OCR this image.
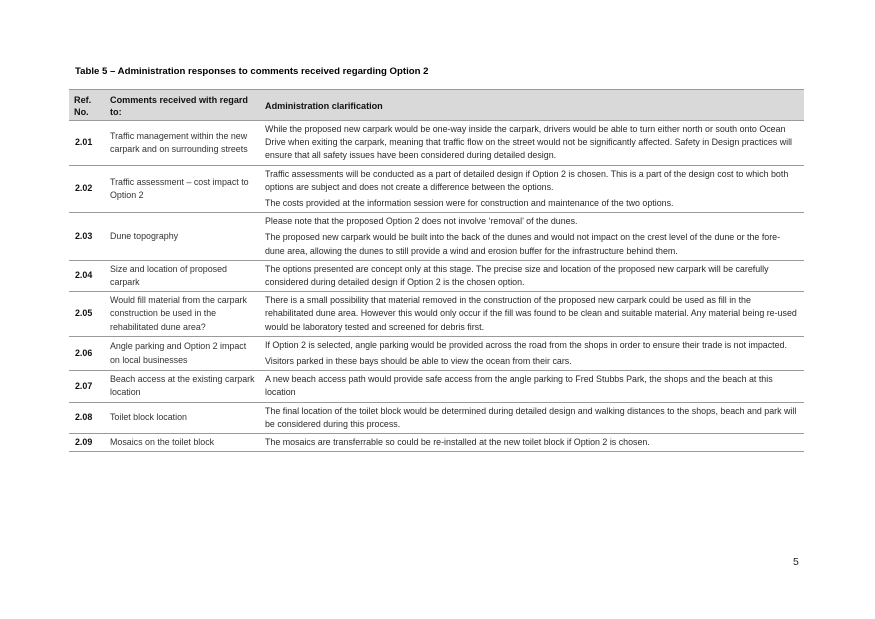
Table 5 – Administration responses to comments received regarding Option 2
Ref. No.	Comments received with regard to:	Administration clarification
2.01	Traffic management within the new carpark and on surrounding streets	While the proposed new carpark would be one-way inside the carpark, drivers would be able to turn either north or south onto Ocean Drive when exiting the carpark, meaning that traffic flow on the street would not be significantly affected. Safety in Design practices will ensure that all safety issues have been considered during detailed design.

2.02	Traffic assessment – cost impact to Option 2	Traffic assessments will be conducted as a part of detailed design if Option 2 is chosen. This is a part of the design cost to which both options are subject and does not create a difference between the options.

The costs provided at the information session were for construction and maintenance of the two options.

2.03	Dune topography	Please note that the proposed Option 2 does not involve ‘removal’ of the dunes.

The proposed new carpark would be built into the back of the dunes and would not impact on the crest level of the dune or the fore-dune area, allowing the dunes to still provide a wind and erosion buffer for the infrastructure behind them.

2.04	Size and location of proposed carpark	The options presented are concept only at this stage. The precise size and location of the proposed new carpark will be carefully considered during detailed design if Option 2 is the chosen option.

2.05	Would fill material from the carpark construction be used in the rehabilitated dune area?	There is a small possibility that material removed in the construction of the proposed new carpark could be used as fill in the rehabilitated dune area. However this would only occur if the fill was found to be clean and suitable material. Any material being re-used would be laboratory tested and screened for debris first.

2.06	Angle parking and Option 2 impact on local businesses	If Option 2 is selected, angle parking would be provided across the road from the shops in order to ensure their trade is not impacted.

Visitors parked in these bays should be able to view the ocean from their cars.

2.07	Beach access at the existing carpark location	A new beach access path would provide safe access from the angle parking to Fred Stubbs Park, the shops and the beach at this location

2.08	Toilet block location	The final location of the toilet block would be determined during detailed design and walking distances to the shops, beach and park will be considered during this process.

2.09	Mosaics on the toilet block	The mosaics are transferrable so could be re-installed at the new toilet block if Option 2 is chosen.

5
